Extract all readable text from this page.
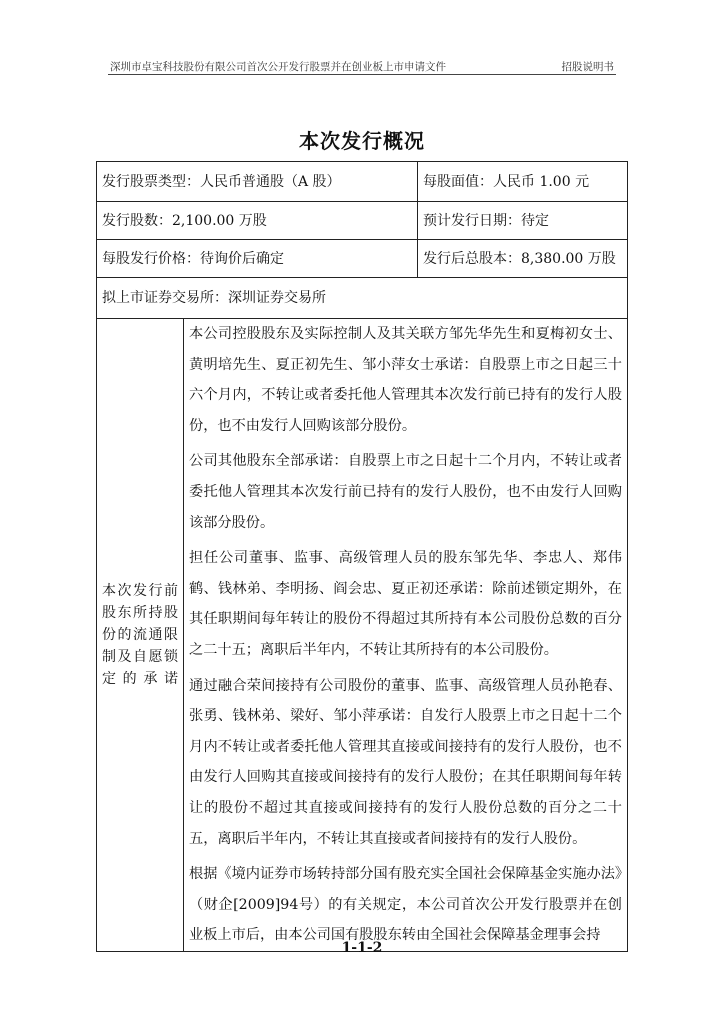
深圳市卓宝科技股份有限公司首次公开发行股票并在创业板上市申请文件	招股说明书
本次发行概况
发行股票类型：人民币普通股（A 股）		每股面值：人民币 1.00 元
发行股数：2,100.00 万股		预计发行日期：待定
每股发行价格：待询价后确定		发行后总股本：8,380.00 万股
拟上市证券交易所：深圳证券交易所		
本次发行前股东所持股份的流通限制及自愿锁定的承诺	本公司控股股东及实际控制人及其关联方邹先华先生和夏梅初女士、黄明培先生、夏正初先生、邹小萍女士承诺：自股票上市之日起三十六个月内，不转让或者委托他人管理其本次发行前已持有的发行人股份，也不由发行人回购该部分股份。

公司其他股东全部承诺：自股票上市之日起十二个月内，不转让或者委托他人管理其本次发行前已持有的发行人股份，也不由发行人回购该部分股份。

担任公司董事、监事、高级管理人员的股东邹先华、李忠人、郑伟鹤、钱林弟、李明扬、阎会忠、夏正初还承诺：除前述锁定期外，在其任职期间每年转让的股份不得超过其所持有本公司股份总数的百分之二十五；离职后半年内，不转让其所持有的本公司股份。

通过融合荣间接持有公司股份的董事、监事、高级管理人员孙艳春、张勇、钱林弟、梁好、邹小萍承诺：自发行人股票上市之日起十二个月内不转让或者委托他人管理其直接或间接持有的发行人股份，也不由发行人回购其直接或间接持有的发行人股份；在其任职期间每年转让的股份不超过其直接或间接持有的发行人股份总数的百分之二十五，离职后半年内，不转让其直接或者间接持有的发行人股份。

根据《境内证券市场转持部分国有股充实全国社会保障基金实施办法》（财企[2009]94号）的有关规定，本公司首次公开发行股票并在创业板上市后，由本公司国有股股东转由全国社会保障基金理事会持	

1-1-2
